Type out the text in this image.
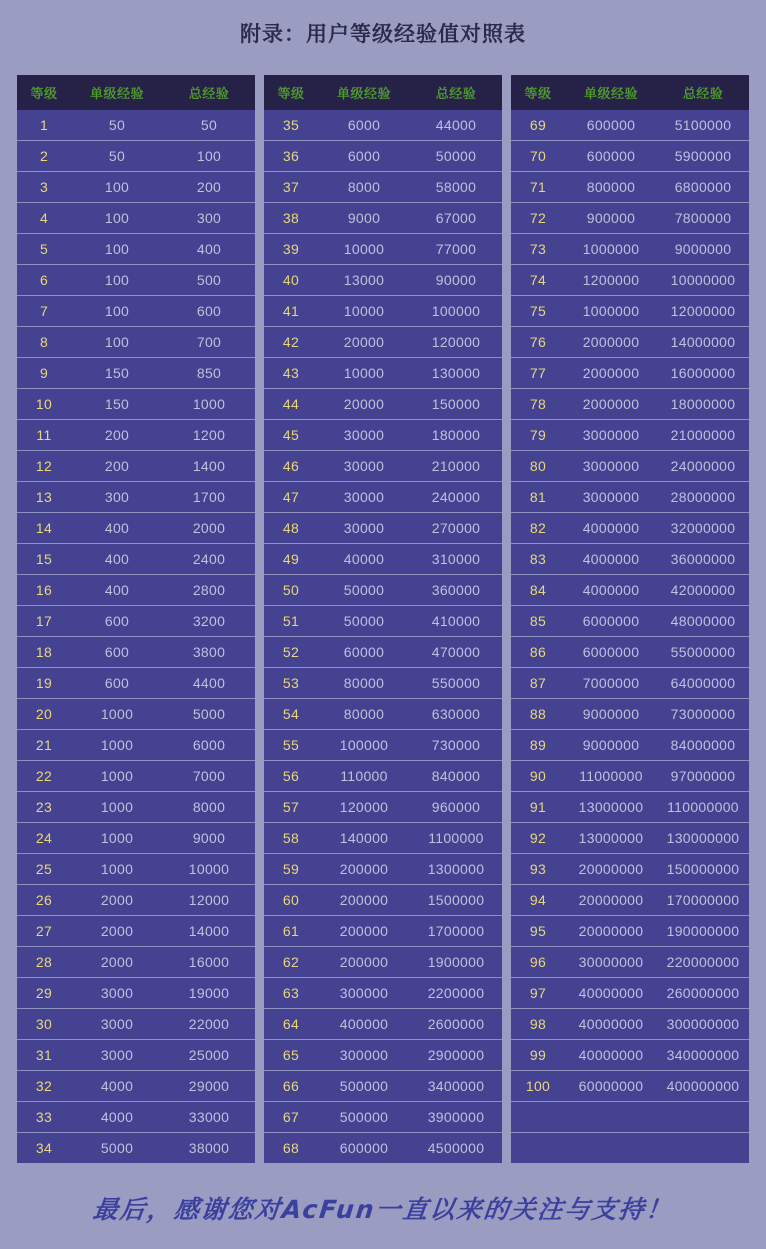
附录：用户等级经验值对照表
等级	单级经验	总经验
1	50	50
2	50	100
3	100	200
4	100	300
5	100	400
6	100	500
7	100	600
8	100	700
9	150	850
10	150	1000
11	200	1200
12	200	1400
13	300	1700
14	400	2000
15	400	2400
16	400	2800
17	600	3200
18	600	3800
19	600	4400
20	1000	5000
21	1000	6000
22	1000	7000
23	1000	8000
24	1000	9000
25	1000	10000
26	2000	12000
27	2000	14000
28	2000	16000
29	3000	19000
30	3000	22000
31	3000	25000
32	4000	29000
33	4000	33000
34	5000	38000
等级	单级经验	总经验
35	6000	44000
36	6000	50000
37	8000	58000
38	9000	67000
39	10000	77000
40	13000	90000
41	10000	100000
42	20000	120000
43	10000	130000
44	20000	150000
45	30000	180000
46	30000	210000
47	30000	240000
48	30000	270000
49	40000	310000
50	50000	360000
51	50000	410000
52	60000	470000
53	80000	550000
54	80000	630000
55	100000	730000
56	110000	840000
57	120000	960000
58	140000	1100000
59	200000	1300000
60	200000	1500000
61	200000	1700000
62	200000	1900000
63	300000	2200000
64	400000	2600000
65	300000	2900000
66	500000	3400000
67	500000	3900000
68	600000	4500000
等级	单级经验	总经验
69	600000	5100000
70	600000	5900000
71	800000	6800000
72	900000	7800000
73	1000000	9000000
74	1200000	10000000
75	1000000	12000000
76	2000000	14000000
77	2000000	16000000
78	2000000	18000000
79	3000000	21000000
80	3000000	24000000
81	3000000	28000000
82	4000000	32000000
83	4000000	36000000
84	4000000	42000000
85	6000000	48000000
86	6000000	55000000
87	7000000	64000000
88	9000000	73000000
89	9000000	84000000
90	11000000	97000000
91	13000000	110000000
92	13000000	130000000
93	20000000	150000000
94	20000000	170000000
95	20000000	190000000
96	30000000	220000000
97	40000000	260000000
98	40000000	300000000
99	40000000	340000000
100	60000000	400000000

最后，感谢您对AcFun一直以来的关注与支持！
